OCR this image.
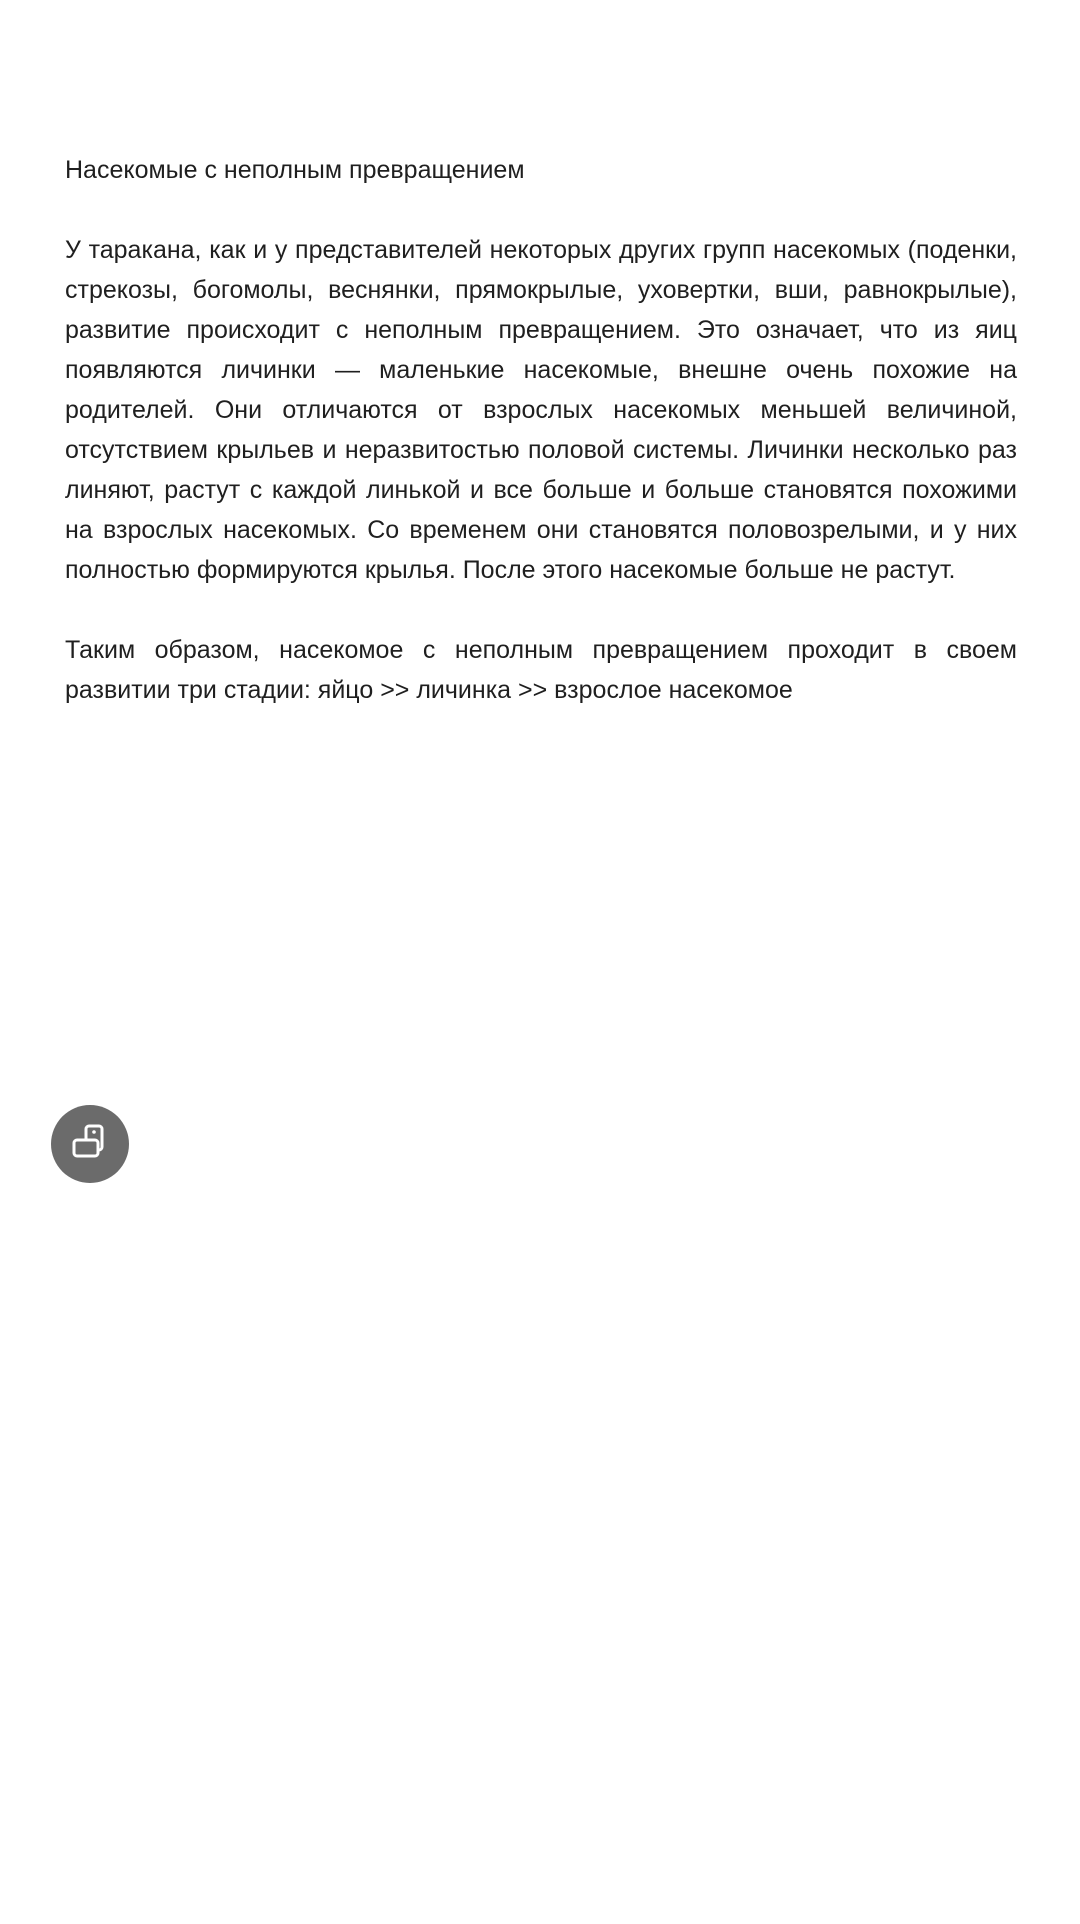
Насекомые с неполным превращением

У таракана, как и у представителей некоторых других групп насекомых (поденки, стрекозы, богомолы, веснянки, прямокрылые, уховертки, вши, равнокрылые), развитие происходит с неполным превращением. Это означает, что из яиц появляются личинки — маленькие насекомые, внешне очень похожие на родителей. Они отличаются от взрослых насекомых меньшей величиной, отсутствием крыльев и неразвитостью половой системы. Личинки несколько раз линяют, растут с каждой линькой и все больше и больше становятся похожими на взрослых насекомых. Со временем они становятся половозрелыми, и у них полностью формируются крылья. После этого насекомые больше не растут.

Таким образом, насекомое с неполным превращением проходит в своем развитии три стадии: яйцо >> личинка >> взрослое насекомое
